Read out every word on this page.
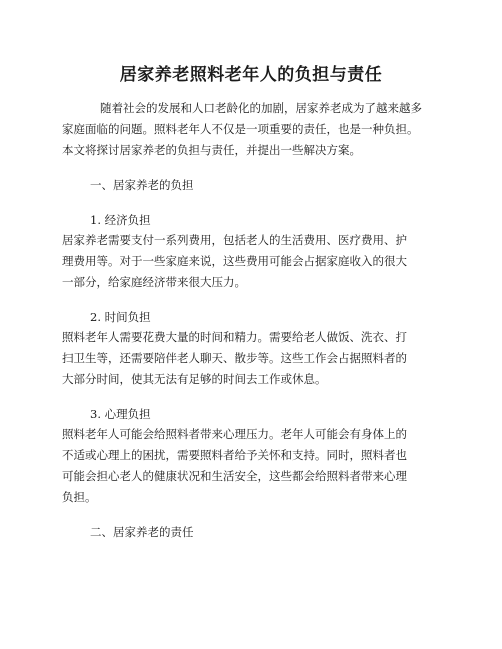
居家养老照料老年人的负担与责任
随着社会的发展和人口老龄化的加剧，居家养老成为了越来越多
家庭面临的问题。照料老年人不仅是一项重要的责任，也是一种负担。
本文将探讨居家养老的负担与责任，并提出一些解决方案。
一、居家养老的负担
1. 经济负担
居家养老需要支付一系列费用，包括老人的生活费用、医疗费用、护
理费用等。对于一些家庭来说，这些费用可能会占据家庭收入的很大
一部分，给家庭经济带来很大压力。
2. 时间负担
照料老年人需要花费大量的时间和精力。需要给老人做饭、洗衣、打
扫卫生等，还需要陪伴老人聊天、散步等。这些工作会占据照料者的
大部分时间，使其无法有足够的时间去工作或休息。
3. 心理负担
照料老年人可能会给照料者带来心理压力。老年人可能会有身体上的
不适或心理上的困扰，需要照料者给予关怀和支持。同时，照料者也
可能会担心老人的健康状况和生活安全，这些都会给照料者带来心理
负担。
二、居家养老的责任
